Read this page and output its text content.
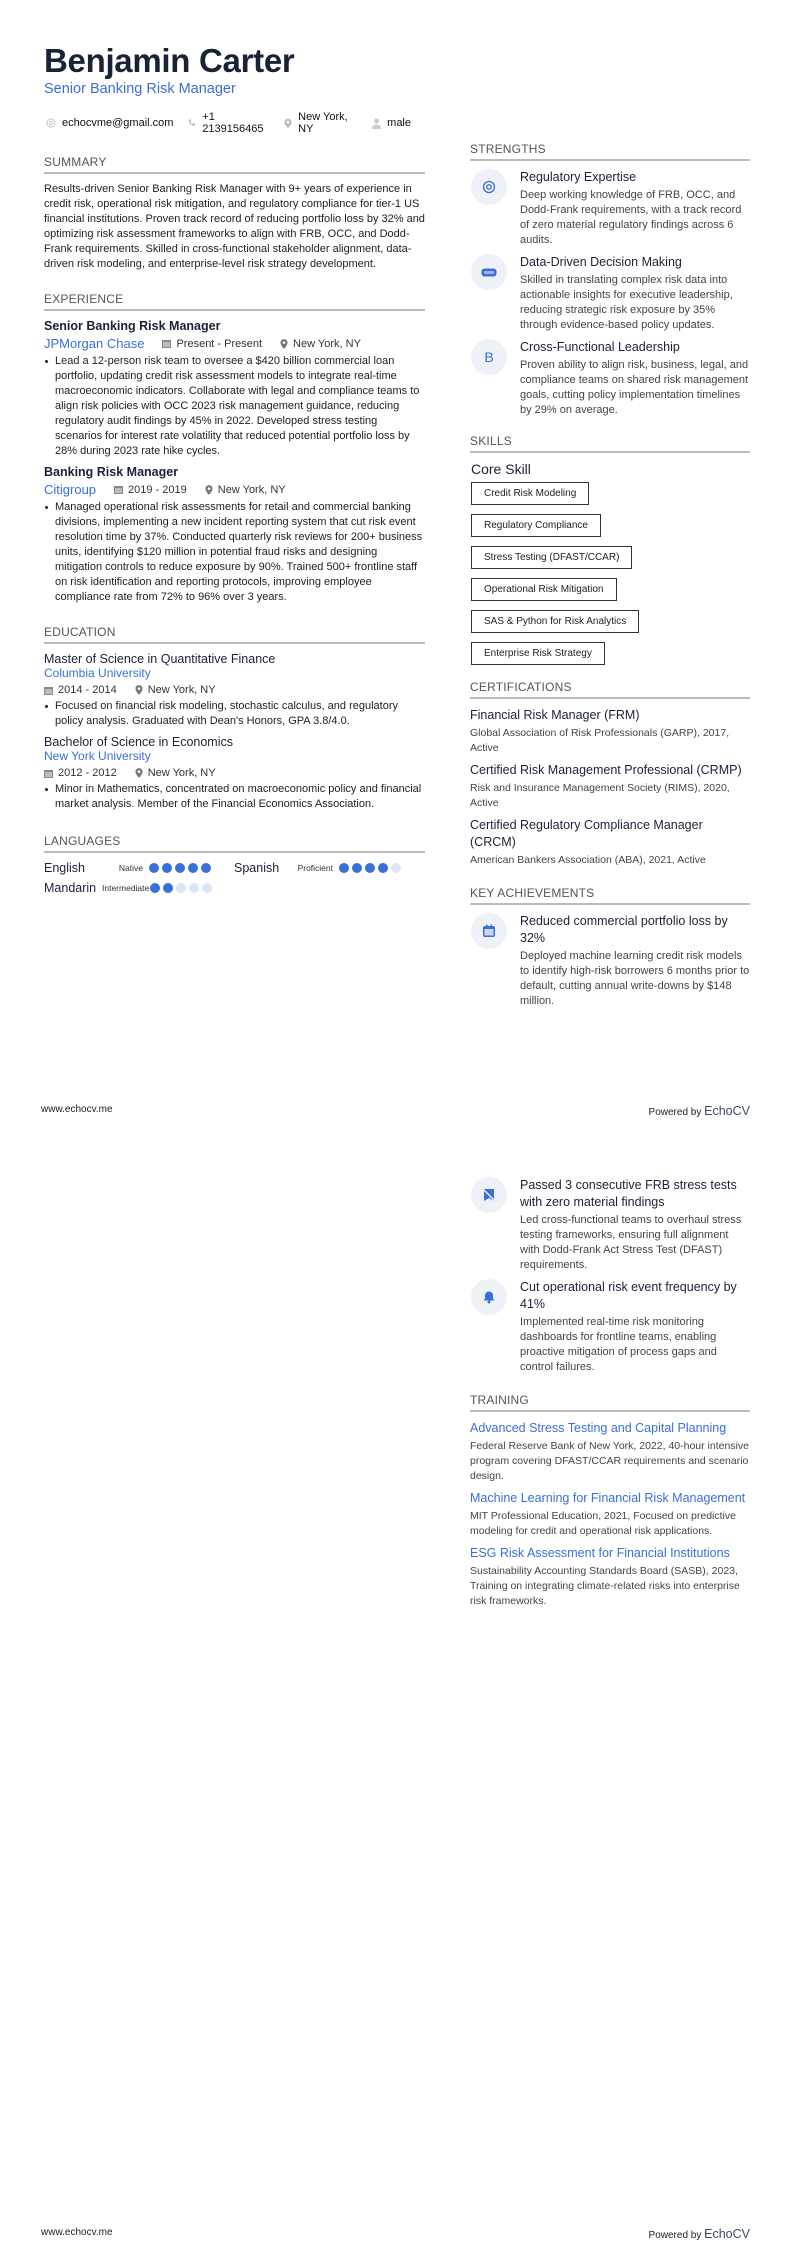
Benjamin Carter
Senior Banking Risk Manager
echocvme@gmail.com	+1 2139156465
New York, NY	male
SUMMARY
Results-driven Senior Banking Risk Manager with 9+ years of experience in credit risk, operational risk mitigation, and regulatory compliance for tier-1 US financial institutions. Proven track record of reducing portfolio loss by 32% and optimizing risk assessment frameworks to align with FRB, OCC, and Dodd-Frank requirements. Skilled in cross-functional stakeholder alignment, data-driven risk modeling, and enterprise-level risk strategy development.
EXPERIENCE
Senior Banking Risk Manager
JPMorgan Chase	Present - Present	New York, NY
Lead a 12-person risk team to oversee a $420 billion commercial loan portfolio, updating credit risk assessment models to integrate real-time macroeconomic indicators. Collaborate with legal and compliance teams to align risk policies with OCC 2023 risk management guidance, reducing regulatory audit findings by 45% in 2022. Developed stress testing scenarios for interest rate volatility that reduced potential portfolio loss by 28% during 2023 rate hike cycles.
Banking Risk Manager
Citigroup	2019 - 2019	New York, NY
Managed operational risk assessments for retail and commercial banking divisions, implementing a new incident reporting system that cut risk event resolution time by 37%. Conducted quarterly risk reviews for 200+ business units, identifying $120 million in potential fraud risks and designing mitigation controls to reduce exposure by 90%. Trained 500+ frontline staff on risk identification and reporting protocols, improving employee compliance rate from 72% to 96% over 3 years.
EDUCATION
Master of Science in Quantitative Finance
Columbia University
2014 - 2014	New York, NY
Focused on financial risk modeling, stochastic calculus, and regulatory policy analysis. Graduated with Dean's Honors, GPA 3.8/4.0.
Bachelor of Science in Economics
New York University
2012 - 2012	New York, NY
Minor in Mathematics, concentrated on macroeconomic policy and financial market analysis. Member of the Financial Economics Association.
LANGUAGES
English	Native	Spanish	Proficient
Mandarin Intermediate
STRENGTHS
Regulatory Expertise
Deep working knowledge of FRB, OCC, and Dodd-Frank requirements, with a track record of zero material regulatory findings across 6 audits.
Data-Driven Decision Making
Skilled in translating complex risk data into actionable insights for executive leadership, reducing strategic risk exposure by 35% through evidence-based policy updates.
B
Cross-Functional Leadership
Proven ability to align risk, business, legal, and compliance teams on shared risk management goals, cutting policy implementation timelines by 29% on average.
SKILLS
Core Skill
Credit Risk Modeling
Regulatory Compliance
Stress Testing (DFAST/CCAR)
Operational Risk Mitigation
SAS & Python for Risk Analytics
Enterprise Risk Strategy
CERTIFICATIONS
Financial Risk Manager (FRM)
Global Association of Risk Professionals (GARP), 2017, Active
Certified Risk Management Professional (CRMP)
Risk and Insurance Management Society (RIMS), 2020, Active
Certified Regulatory Compliance Manager (CRCM)
American Bankers Association (ABA), 2021, Active
KEY ACHIEVEMENTS
Reduced commercial portfolio loss by 32%
Deployed machine learning credit risk models to identify high-risk borrowers 6 months prior to default, cutting annual write-downs by $148 million.
www.echocv.me	Powered by EchoCV
Passed 3 consecutive FRB stress tests with zero material findings
Led cross-functional teams to overhaul stress testing frameworks, ensuring full alignment with Dodd-Frank Act Stress Test (DFAST) requirements.
Cut operational risk event frequency by 41%
Implemented real-time risk monitoring dashboards for frontline teams, enabling proactive mitigation of process gaps and control failures.
TRAINING
Advanced Stress Testing and Capital Planning
Federal Reserve Bank of New York, 2022, 40-hour intensive program covering DFAST/CCAR requirements and scenario design.
Machine Learning for Financial Risk Management
MIT Professional Education, 2021, Focused on predictive modeling for credit and operational risk applications.
ESG Risk Assessment for Financial Institutions
Sustainability Accounting Standards Board (SASB), 2023, Training on integrating climate-related risks into enterprise risk frameworks.
www.echocv.me	Powered by EchoCV
